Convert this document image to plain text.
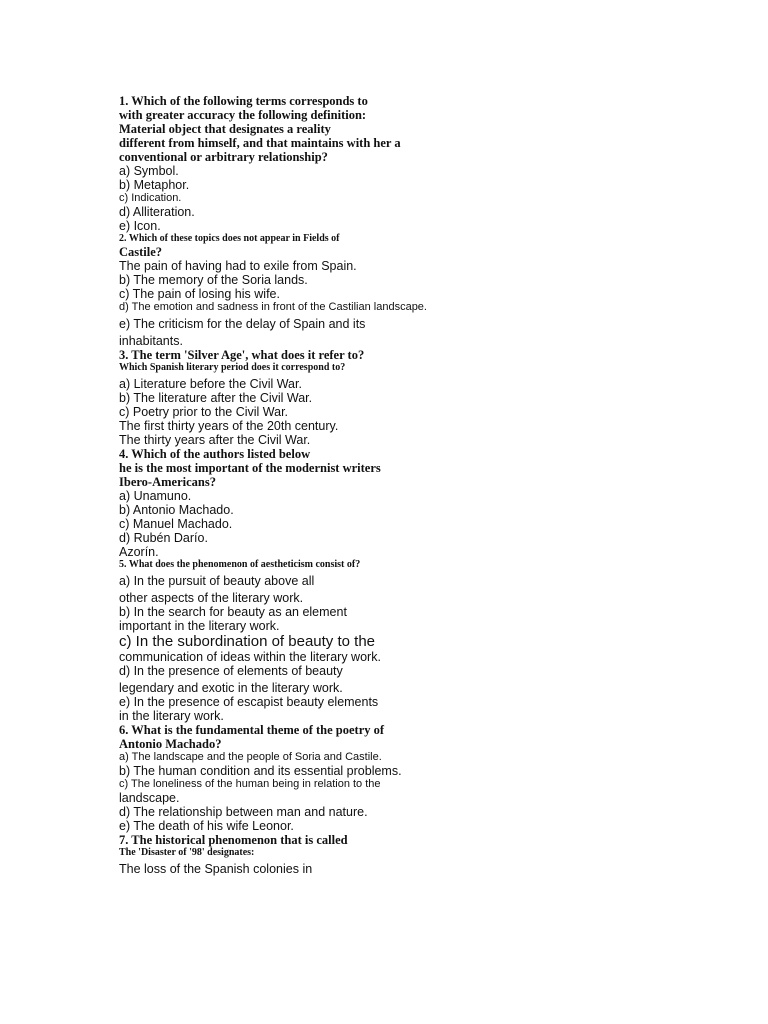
1. Which of the following terms corresponds to
with greater accuracy the following definition:
Material object that designates a reality
different from himself, and that maintains with her a
conventional or arbitrary relationship?
a) Symbol.
b) Metaphor.
c) Indication.
d) Alliteration.
e) Icon.
2. Which of these topics does not appear in Fields of
Castile?
The pain of having had to exile from Spain.
b) The memory of the Soria lands.
c) The pain of losing his wife.
d) The emotion and sadness in front of the Castilian landscape.
e) The criticism for the delay of Spain and its
inhabitants.
3. The term 'Silver Age', what does it refer to?
Which Spanish literary period does it correspond to?
a) Literature before the Civil War.
b) The literature after the Civil War.
c) Poetry prior to the Civil War.
The first thirty years of the 20th century.
The thirty years after the Civil War.
4. Which of the authors listed below
he is the most important of the modernist writers
Ibero-Americans?
a) Unamuno.
b) Antonio Machado.
c) Manuel Machado.
d) Rubén Darío.
Azorín.
5. What does the phenomenon of aestheticism consist of?
a) In the pursuit of beauty above all
other aspects of the literary work.
b) In the search for beauty as an element
important in the literary work.
c) In the subordination of beauty to the
communication of ideas within the literary work.
d) In the presence of elements of beauty
legendary and exotic in the literary work.
e) In the presence of escapist beauty elements
in the literary work.
6. What is the fundamental theme of the poetry of
Antonio Machado?
a) The landscape and the people of Soria and Castile.
b) The human condition and its essential problems.
c) The loneliness of the human being in relation to the
landscape.
d) The relationship between man and nature.
e) The death of his wife Leonor.
7. The historical phenomenon that is called
The 'Disaster of '98' designates:
The loss of the Spanish colonies in
